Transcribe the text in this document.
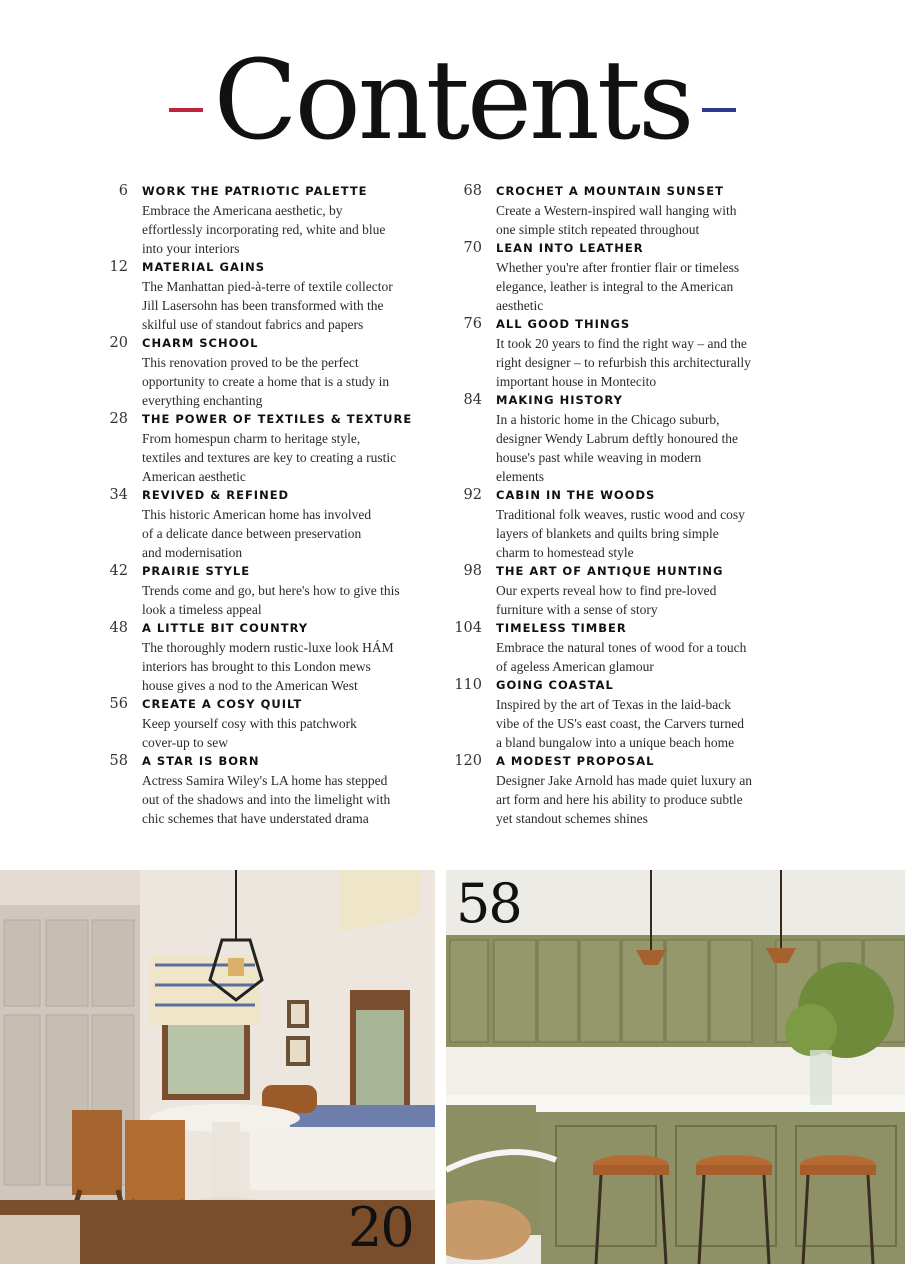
Contents
6	WORK THE PATRIOTIC PALETTE
Embrace the Americana aesthetic, by
effortlessly incorporating red, white and blue
into your interiors
12	MATERIAL GAINS
The Manhattan pied-à-terre of textile collector
Jill Lasersohn has been transformed with the
skilful use of standout fabrics and papers
20	CHARM SCHOOL
This renovation proved to be the perfect
opportunity to create a home that is a study in
everything enchanting
28	THE POWER OF TEXTILES & TEXTURE
From homespun charm to heritage style,
textiles and textures are key to creating a rustic
American aesthetic
34	REVIVED & REFINED
This historic American home has involved
of a delicate dance between preservation
and modernisation
42	PRAIRIE STYLE
Trends come and go, but here's how to give this
look a timeless appeal
48	A LITTLE BIT COUNTRY
The thoroughly modern rustic-luxe look HÁM
interiors has brought to this London mews
house gives a nod to the American West
56	CREATE A COSY QUILT
Keep yourself cosy with this patchwork
cover-up to sew
58	A STAR IS BORN
Actress Samira Wiley's LA home has stepped
out of the shadows and into the limelight with
chic schemes that have understated drama
68	CROCHET A MOUNTAIN SUNSET
Create a Western-inspired wall hanging with
one simple stitch repeated throughout
70	LEAN INTO LEATHER
Whether you're after frontier flair or timeless
elegance, leather is integral to the American
aesthetic
76	ALL GOOD THINGS
It took 20 years to find the right way – and the
right designer – to refurbish this architecturally
important house in Montecito
84	MAKING HISTORY
In a historic home in the Chicago suburb,
designer Wendy Labrum deftly honoured the
house's past while weaving in modern
elements
92	CABIN IN THE WOODS
Traditional folk weaves, rustic wood and cosy
layers of blankets and quilts bring simple
charm to homestead style
98	THE ART OF ANTIQUE HUNTING
Our experts reveal how to find pre-loved
furniture with a sense of story
104	TIMELESS TIMBER
Embrace the natural tones of wood for a touch
of ageless American glamour
110	GOING COASTAL
Inspired by the art of Texas in the laid-back
vibe of the US's east coast, the Carvers turned
a bland bungalow into a unique beach home
120	A MODEST PROPOSAL
Designer Jake Arnold has made quiet luxury an
art form and here his ability to produce subtle
yet standout schemes shines
20
58
